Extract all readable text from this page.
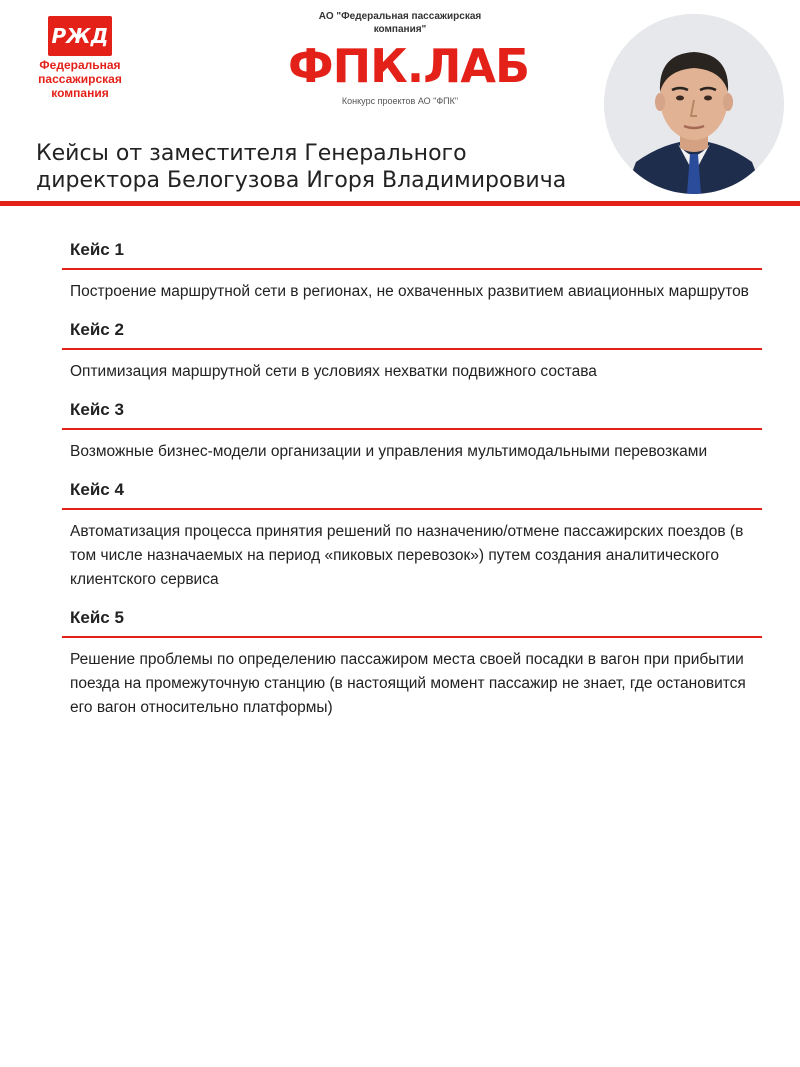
РЖД
Федеральная пассажирская компания
АО "Федеральная пассажирская компания"
ФПК.ЛАБ
Конкурс проектов АО "ФПК"
Кейсы от заместителя Генерального
директора Белогузова Игоря Владимировича
Кейс 1
Построение маршрутной сети в регионах, не охваченных развитием авиационных маршрутов
Кейс 2
Оптимизация маршрутной сети в условиях нехватки подвижного состава
Кейс 3
Возможные бизнес-модели организации и управления мультимодальными перевозками
Кейс 4
Автоматизация процесса принятия решений по назначению/отмене пассажирских поездов (в том числе назначаемых на период «пиковых перевозок») путем создания аналитического клиентского сервиса
Кейс 5
Решение проблемы по определению пассажиром места своей посадки в вагон при прибытии поезда на промежуточную станцию (в настоящий момент пассажир не знает, где остановится его вагон относительно платформы)
